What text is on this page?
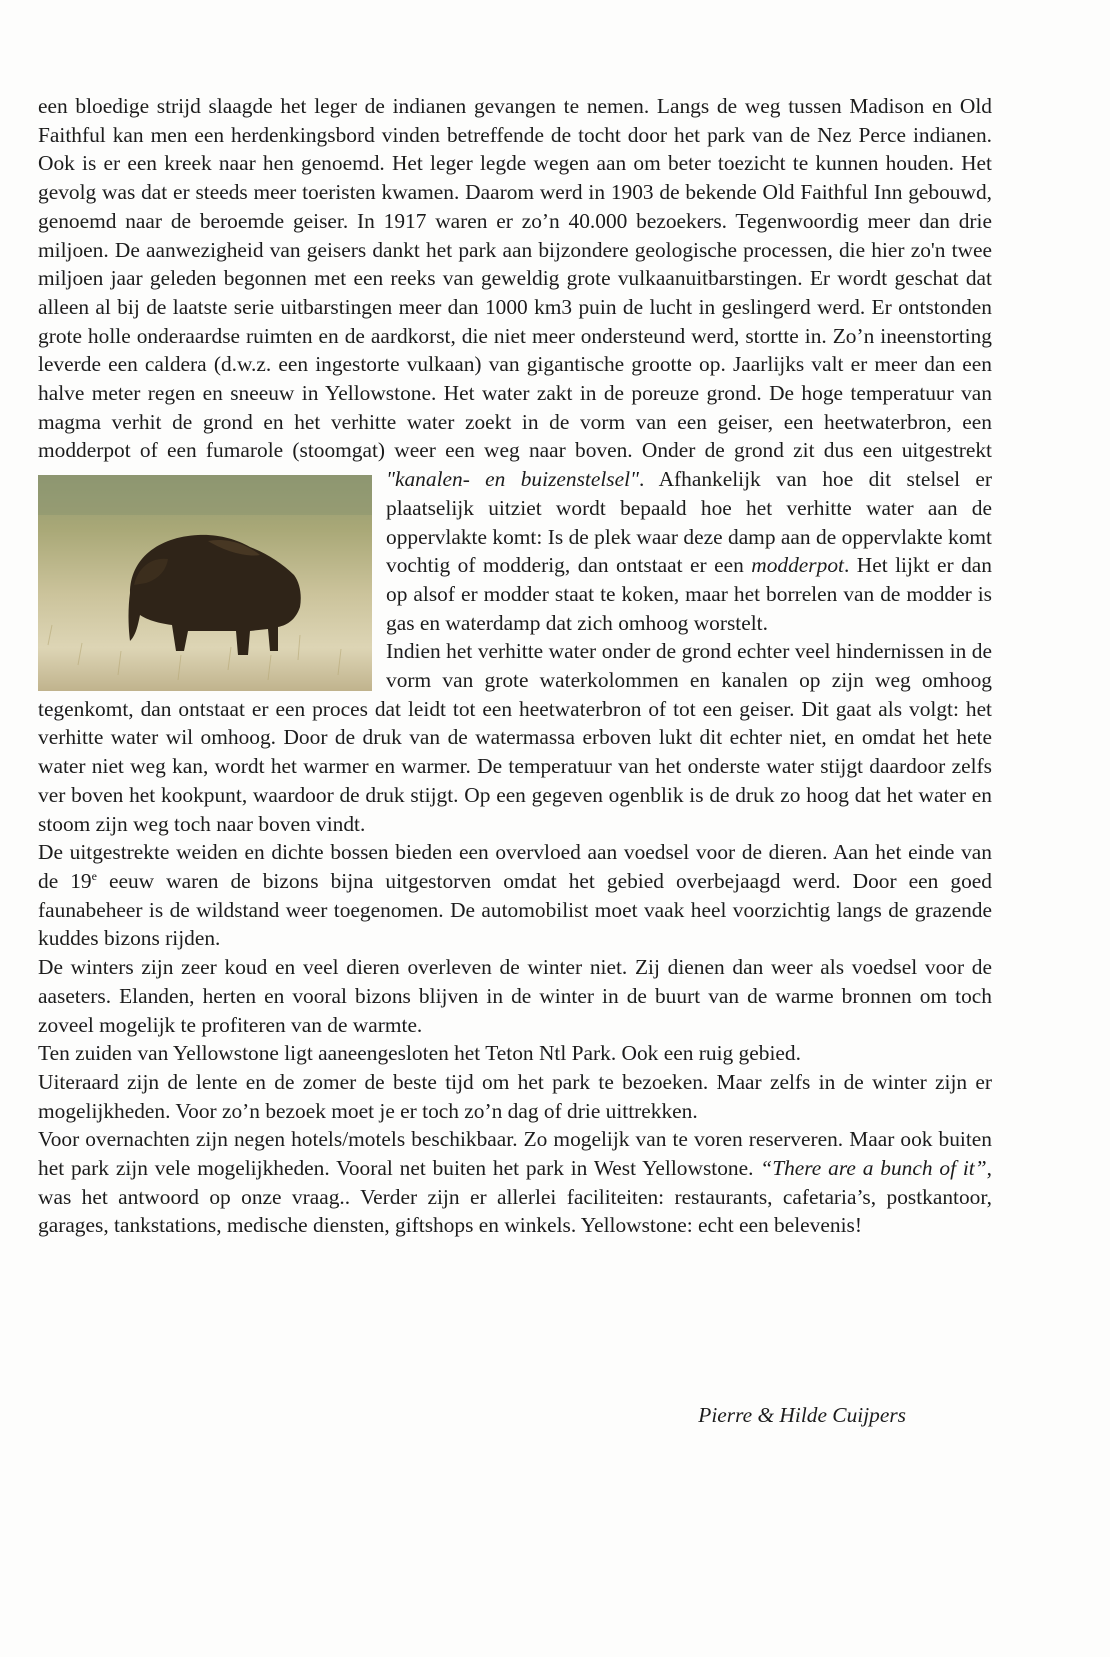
een bloedige strijd slaagde het leger de indianen gevangen te nemen. Langs de weg tussen Madison en Old Faithful kan men een herdenkingsbord vinden betreffende de tocht door het park van de Nez Perce indianen. Ook is er een kreek naar hen genoemd. Het leger legde wegen aan om beter toezicht te kunnen houden. Het gevolg was dat er steeds meer toeristen kwamen. Daarom werd in 1903 de bekende Old Faithful Inn gebouwd, genoemd naar de beroemde geiser. In 1917 waren er zo’n 40.000 bezoekers. Tegenwoordig meer dan drie miljoen. De aanwezigheid van geisers dankt het park aan bijzondere geologische processen, die hier zo'n twee miljoen jaar geleden begonnen met een reeks van geweldig grote vulkaanuitbarstingen. Er wordt geschat dat alleen al bij de laatste serie uitbarstingen meer dan 1000 km3 puin de lucht in geslingerd werd. Er ontstonden grote holle onderaardse ruimten en de aardkorst, die niet meer ondersteund werd, stortte in. Zo’n ineenstorting leverde een caldera (d.w.z. een ingestorte vulkaan) van gigantische grootte op. Jaarlijks valt er meer dan een halve meter regen en sneeuw in Yellowstone. Het water zakt in de poreuze grond. De hoge temperatuur van magma verhit de grond en het verhitte water zoekt in de vorm van een geiser, een heetwaterbron, een modderpot of een fumarole (stoomgat) weer een weg naar boven. Onder de grond zit dus een uitgestrekt
"kanalen- en buizenstelsel". Afhankelijk van hoe dit stelsel er plaatselijk uitziet wordt bepaald hoe het verhitte water aan de oppervlakte komt: Is de plek waar deze damp aan de oppervlakte komt vochtig of modderig, dan ontstaat er een modderpot. Het lijkt er dan op alsof er modder staat te koken, maar het borrelen van de modder is gas en waterdamp dat zich omhoog worstelt.

Indien het verhitte water onder de grond echter veel hindernissen in de vorm van grote waterkolommen en kanalen op zijn weg omhoog tegenkomt, dan ontstaat er een proces dat leidt tot een heetwaterbron of tot een geiser. Dit gaat als volgt: het verhitte water wil omhoog. Door de druk van de watermassa erboven lukt dit echter niet, en omdat het hete water niet weg kan, wordt het warmer en warmer. De temperatuur van het onderste water stijgt daardoor zelfs ver boven het kookpunt, waardoor de druk stijgt. Op een gegeven ogenblik is de druk zo hoog dat het water en stoom zijn weg toch naar boven vindt.

De uitgestrekte weiden en dichte bossen bieden een overvloed aan voedsel voor de dieren. Aan het einde van de 19e eeuw waren de bizons bijna uitgestorven omdat het gebied overbejaagd werd. Door een goed faunabeheer is de wildstand weer toegenomen. De automobilist moet vaak heel voorzichtig langs de grazende kuddes bizons rijden.

De winters zijn zeer koud en veel dieren overleven de winter niet. Zij dienen dan weer als voedsel voor de aaseters. Elanden, herten en vooral bizons blijven in de winter in de buurt van de warme bronnen om toch zoveel mogelijk te profiteren van de warmte.

Ten zuiden van Yellowstone ligt aaneengesloten het Teton Ntl Park. Ook een ruig gebied.

Uiteraard zijn de lente en de zomer de beste tijd om het park te bezoeken. Maar zelfs in de winter zijn er mogelijkheden. Voor zo’n bezoek moet je er toch zo’n dag of drie uittrekken.

Voor overnachten zijn negen hotels/motels beschikbaar. Zo mogelijk van te voren reserveren. Maar ook buiten het park zijn vele mogelijkheden. Vooral net buiten het park in West Yellowstone. “There are a bunch of it”, was het antwoord op onze vraag.. Verder zijn er allerlei faciliteiten: restaurants, cafetaria’s, postkantoor, garages, tankstations, medische diensten, giftshops en winkels. Yellowstone: echt een belevenis!

Pierre & Hilde Cuijpers
